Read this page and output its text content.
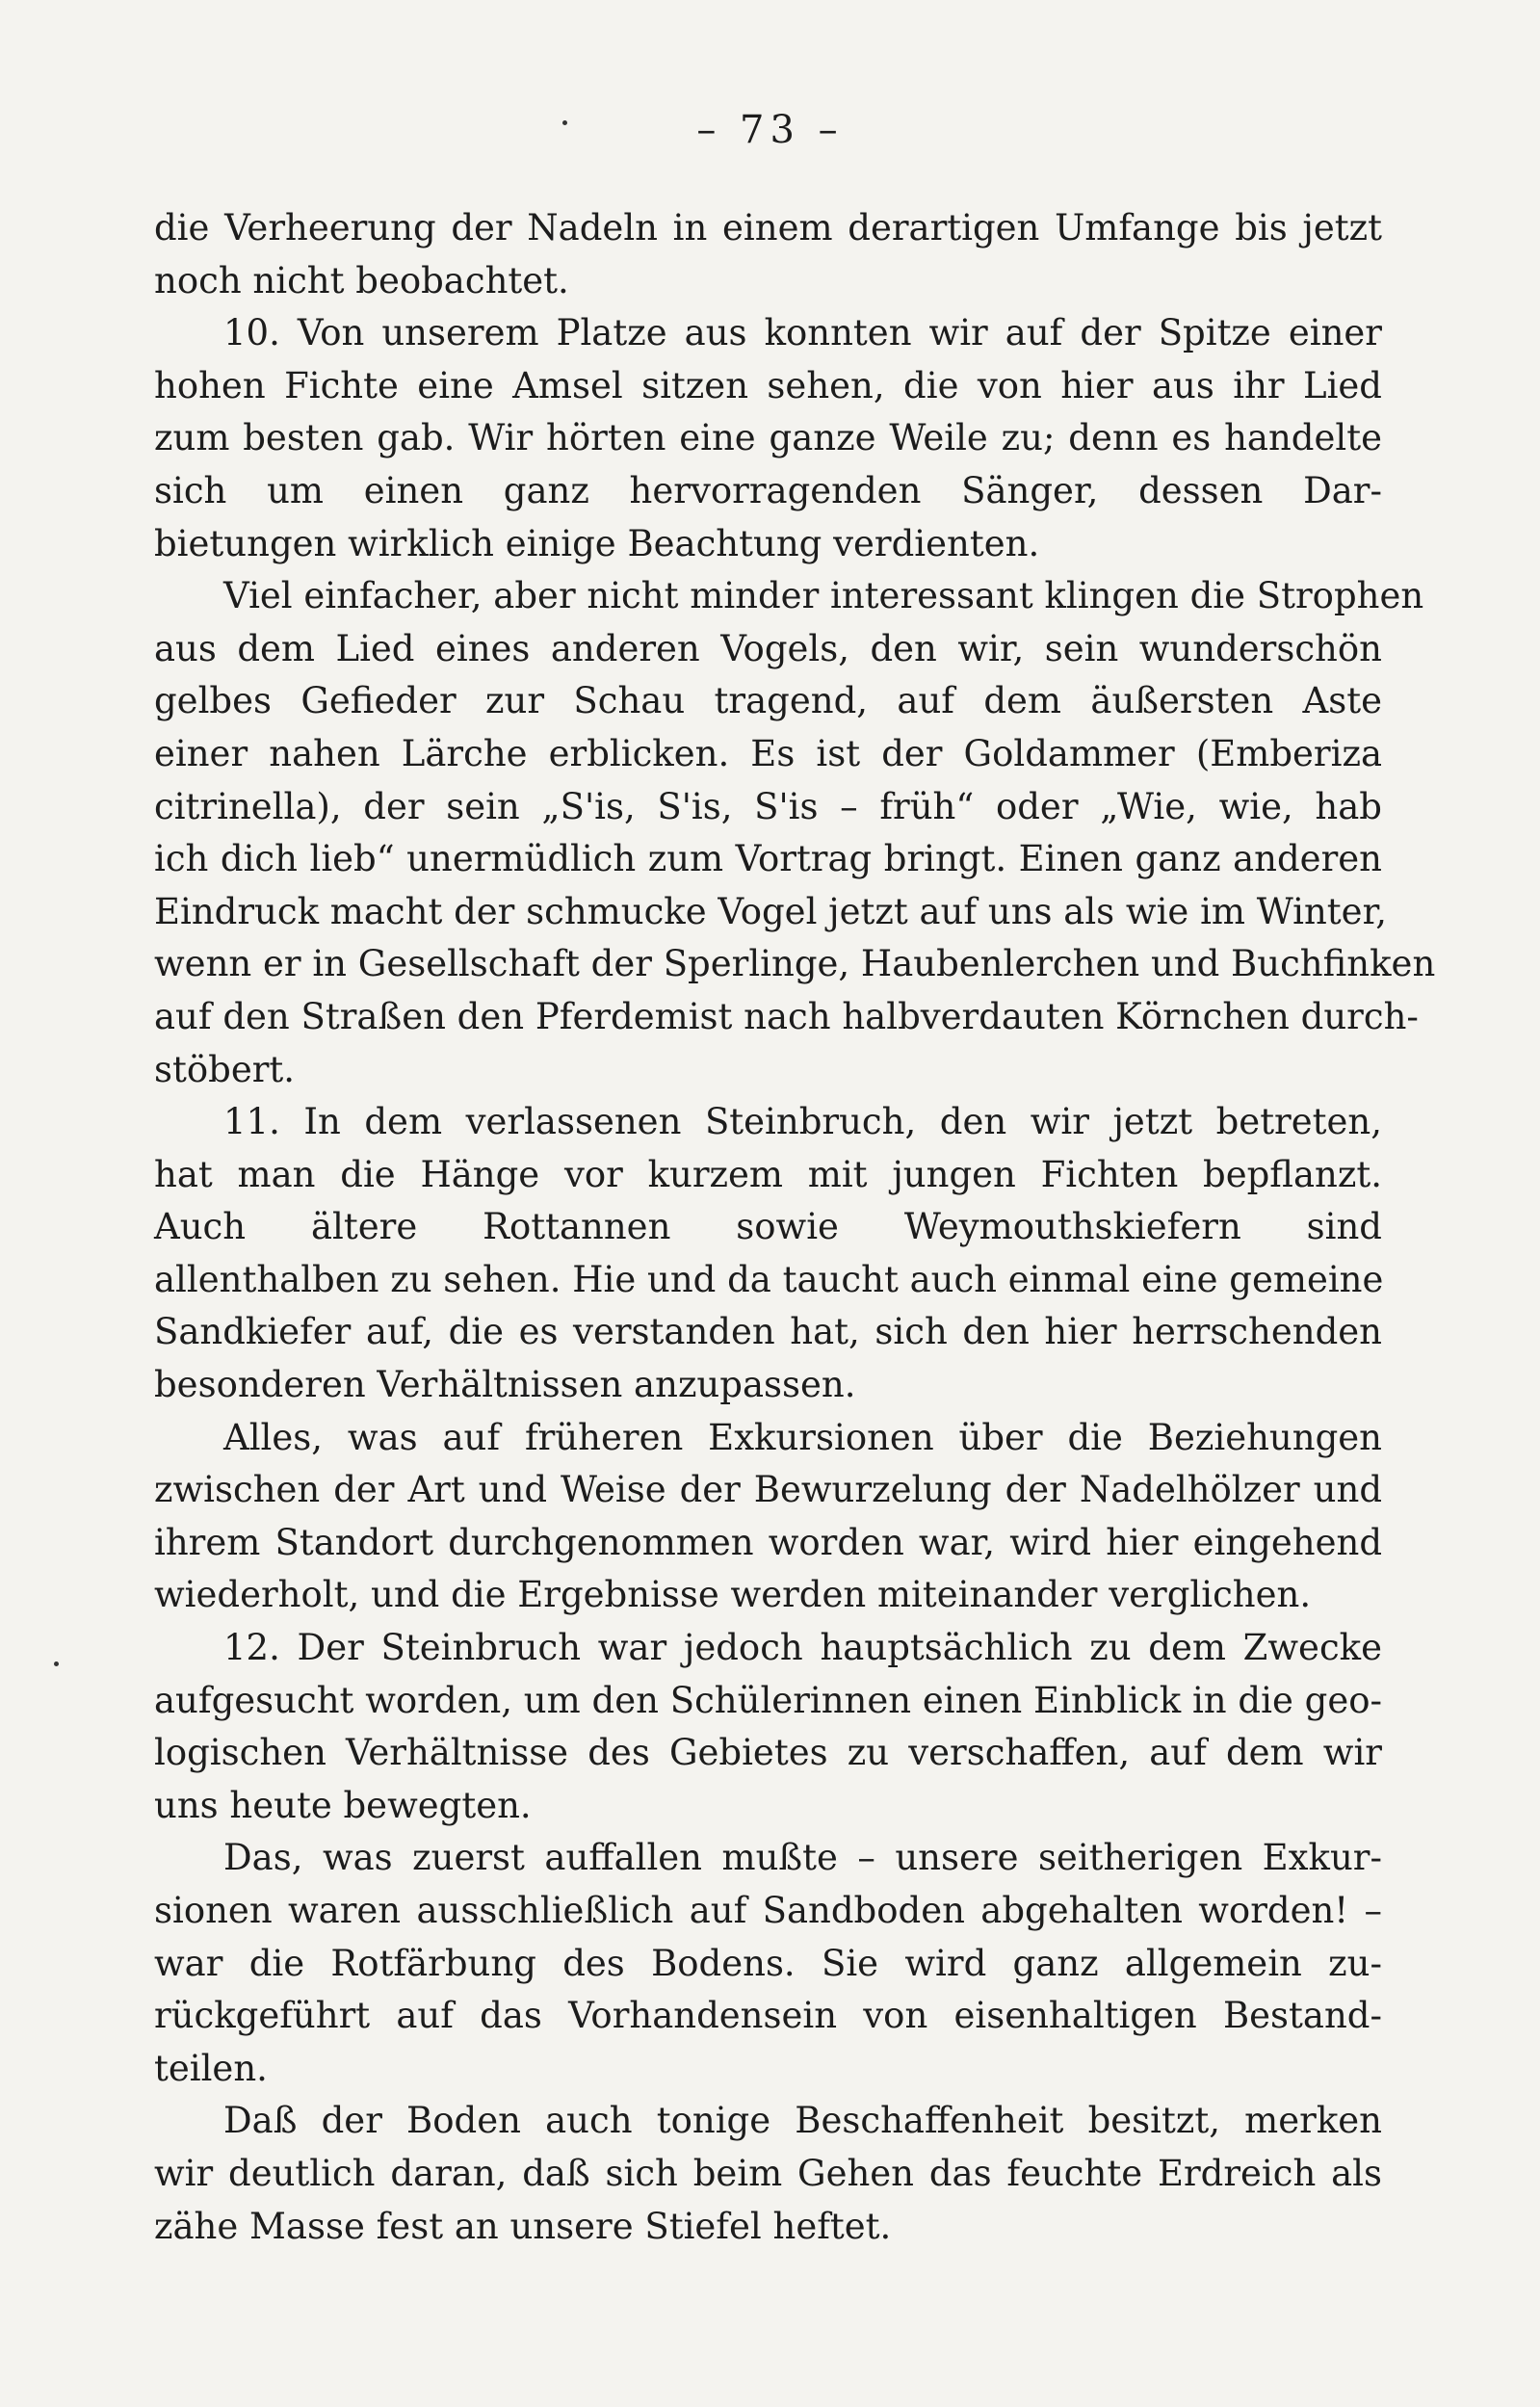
– 73 –
die Verheerung der Nadeln in einem derartigen Umfange bis jetzt
noch nicht beobachtet.
10. Von unserem Platze aus konnten wir auf der Spitze einer
hohen Fichte eine Amsel sitzen sehen, die von hier aus ihr Lied
zum besten gab. Wir hörten eine ganze Weile zu; denn es handelte
sich um einen ganz hervorragenden Sänger, dessen Dar-
bietungen wirklich einige Beachtung verdienten.
Viel einfacher, aber nicht minder interessant klingen die Strophen
aus dem Lied eines anderen Vogels, den wir, sein wunderschön
gelbes Gefieder zur Schau tragend, auf dem äußersten Aste
einer nahen Lärche erblicken. Es ist der Goldammer (Emberiza
citrinella), der sein „S'is, S'is, S'is – früh“ oder „Wie, wie, hab
ich dich lieb“ unermüdlich zum Vortrag bringt. Einen ganz anderen
Eindruck macht der schmucke Vogel jetzt auf uns als wie im Winter,
wenn er in Gesellschaft der Sperlinge, Haubenlerchen und Buchfinken
auf den Straßen den Pferdemist nach halbverdauten Körnchen durch-
stöbert.
11. In dem verlassenen Steinbruch, den wir jetzt betreten,
hat man die Hänge vor kurzem mit jungen Fichten bepflanzt.
Auch ältere Rottannen sowie Weymouthskiefern sind
allenthalben zu sehen. Hie und da taucht auch einmal eine gemeine
Sandkiefer auf, die es verstanden hat, sich den hier herrschenden
besonderen Verhältnissen anzupassen.
Alles, was auf früheren Exkursionen über die Beziehungen
zwischen der Art und Weise der Bewurzelung der Nadelhölzer und
ihrem Standort durchgenommen worden war, wird hier eingehend
wiederholt, und die Ergebnisse werden miteinander verglichen.
12. Der Steinbruch war jedoch hauptsächlich zu dem Zwecke
aufgesucht worden, um den Schülerinnen einen Einblick in die geo-
logischen Verhältnisse des Gebietes zu verschaffen, auf dem wir
uns heute bewegten.
Das, was zuerst auffallen mußte – unsere seitherigen Exkur-
sionen waren ausschließlich auf Sandboden abgehalten worden! –
war die Rotfärbung des Bodens. Sie wird ganz allgemein zu-
rückgeführt auf das Vorhandensein von eisenhaltigen Bestand-
teilen.
Daß der Boden auch tonige Beschaffenheit besitzt, merken
wir deutlich daran, daß sich beim Gehen das feuchte Erdreich als
zähe Masse fest an unsere Stiefel heftet.
